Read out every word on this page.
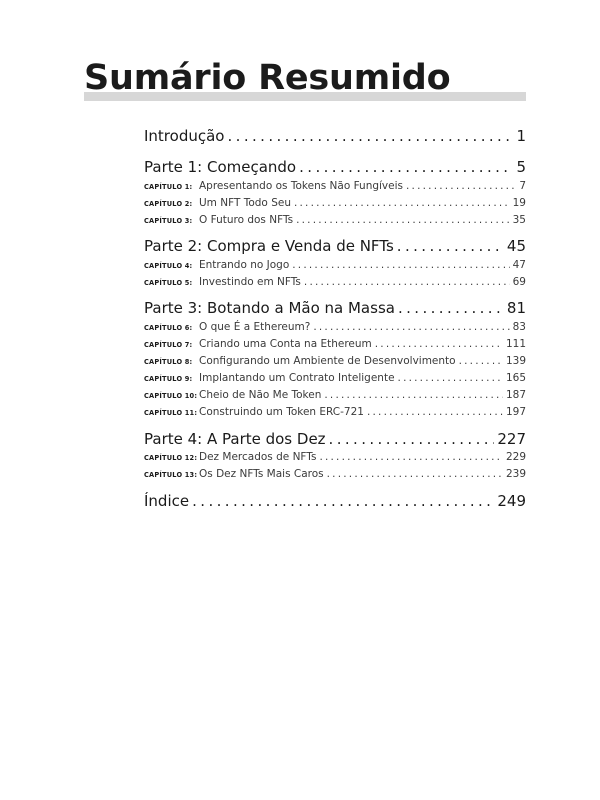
Sumário Resumido
Introdução .....	1
Parte 1: Começando .....	5
CAPÍTULO 1: Apresentando os Tokens Não Fungíveis .....	7
CAPÍTULO 2: Um NFT Todo Seu .....	19
CAPÍTULO 3: O Futuro dos NFTs .....	35
Parte 2: Compra e Venda de NFTs .....	45
CAPÍTULO 4: Entrando no Jogo .....	47
CAPÍTULO 5: Investindo em NFTs .....	69
Parte 3: Botando a Mão na Massa .....	81
CAPÍTULO 6: O que É a Ethereum? .....	83
CAPÍTULO 7: Criando uma Conta na Ethereum .....	111
CAPÍTULO 8: Configurando um Ambiente de Desenvolvimento .....	139
CAPÍTULO 9: Implantando um Contrato Inteligente .....	165
CAPÍTULO 10: Cheio de Não Me Token .....	187
CAPÍTULO 11: Construindo um Token ERC-721 .....	197
Parte 4: A Parte dos Dez .....	227
CAPÍTULO 12: Dez Mercados de NFTs .....	229
CAPÍTULO 13: Os Dez NFTs Mais Caros .....	239
Índice .....	249
